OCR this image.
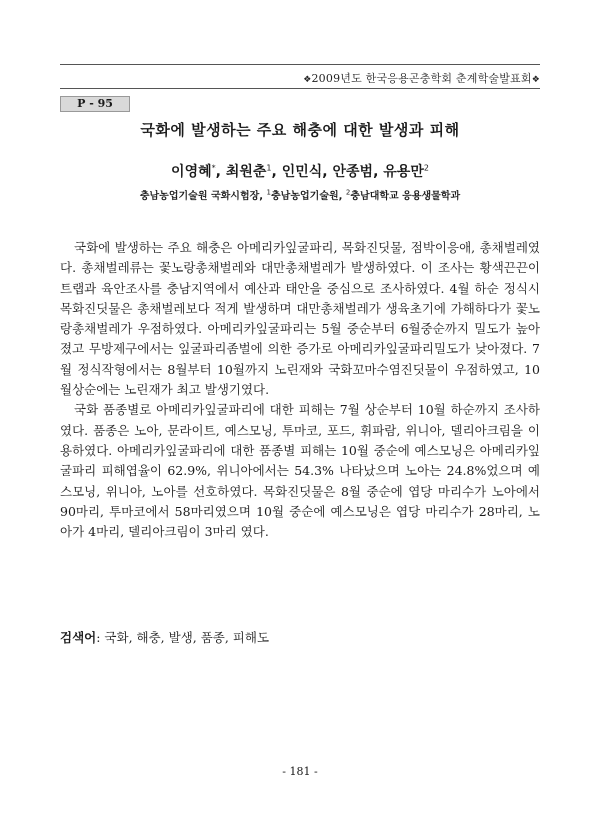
❖2009년도 한국응용곤충학회 춘계학술발표회❖
P - 95
국화에 발생하는 주요 해충에 대한 발생과 피해
이영혜*, 최원춘$^1$, 인민식, 안종범, 유용만$^2$
충남농업기술원 국화시험장, $^1$충남농업기술원, $^2$충남대학교 응용생물학과

국화에 발생하는 주요 해충은 아메리카잎굴파리, 목화진딧물, 점박이응애, 총채벌레였다. 총채벌레류는 꽃노랑총채벌레와 대만총채벌레가 발생하였다. 이 조사는 황색끈끈이트랩과 육안조사를 충남지역에서 예산과 태안을 중심으로 조사하였다. 4월 하순 정식시 목화진딧물은 총채벌레보다 적게 발생하며 대만총채벌레가 생육초기에 가해하다가 꽃노랑총채벌레가 우점하였다. 아메리카잎굴파리는 5월 중순부터 6월중순까지 밀도가 높아졌고 무방제구에서는 잎굴파리좀벌에 의한 증가로 아메리카잎굴파리밀도가 낮아졌다. 7월 정식작형에서는 8월부터 10월까지 노린재와 국화꼬마수염진딧물이 우점하였고, 10월상순에는 노린재가 최고 발생기였다.

국화 품종별로 아메리카잎굴파리에 대한 피해는 7월 상순부터 10월 하순까지 조사하였다. 품종은 노아, 문라이트, 예스모닝, 투마코, 포드, 휘파람, 위니아, 델리아크림을 이용하였다. 아메리카잎굴파리에 대한 품종별 피해는 10월 중순에 예스모닝은 아메리카잎굴파리 피해엽율이 62.9%, 위니아에서는 54.3% 나타났으며 노아는 24.8%었으며 예스모닝, 위니아, 노아를 선호하였다. 목화진딧물은 8월 중순에 엽당 마리수가 노아에서 90마리, 투마코에서 58마리였으며 10월 중순에 예스모닝은 엽당 마리수가 28마리, 노아가 4마리, 델리아크림이 3마리 였다.

검색어: 국화, 해충, 발생, 품종, 피해도
- 181 -
